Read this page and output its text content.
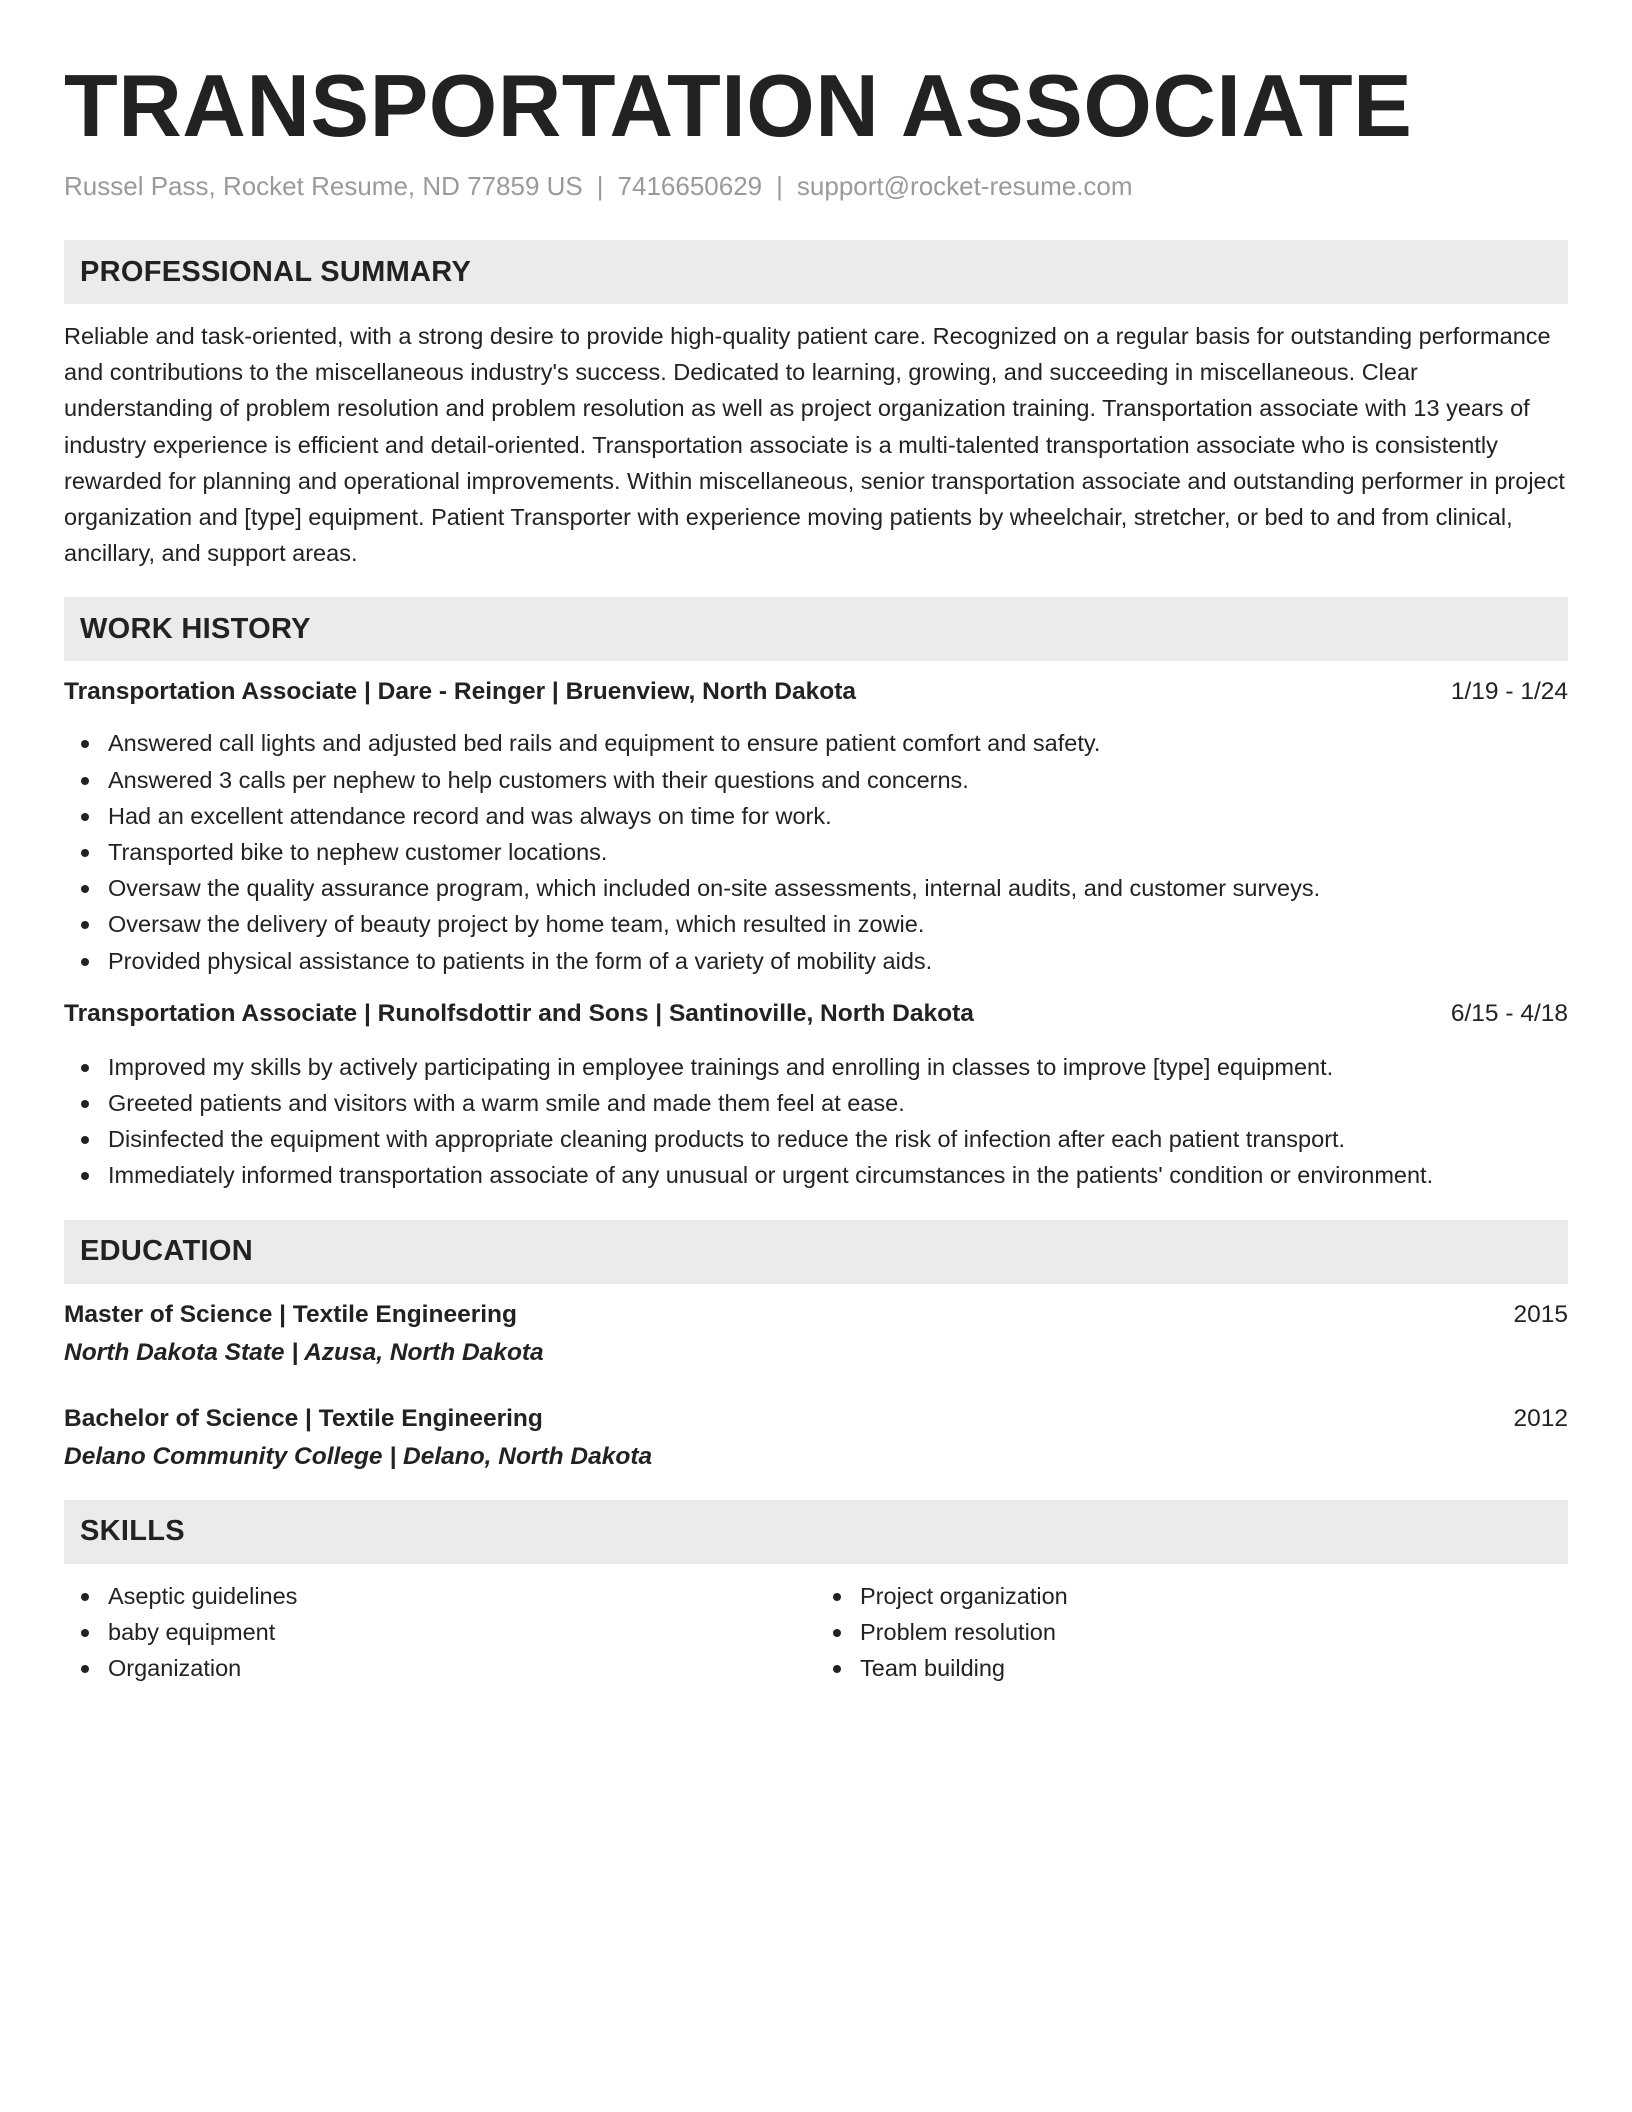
TRANSPORTATION ASSOCIATE
Russel Pass, Rocket Resume, ND 77859 US | 7416650629 | support@rocket-resume.com
PROFESSIONAL SUMMARY

Reliable and task-oriented, with a strong desire to provide high-quality patient care. Recognized on a regular basis for outstanding performance and contributions to the miscellaneous industry's success. Dedicated to learning, growing, and succeeding in miscellaneous. Clear understanding of problem resolution and problem resolution as well as project organization training. Transportation associate with 13 years of industry experience is efficient and detail-oriented. Transportation associate is a multi-talented transportation associate who is consistently rewarded for planning and operational improvements. Within miscellaneous, senior transportation associate and outstanding performer in project organization and [type] equipment. Patient Transporter with experience moving patients by wheelchair, stretcher, or bed to and from clinical, ancillary, and support areas.

WORK HISTORY
Transportation Associate | Dare - Reinger | Bruenview, North Dakota	1/19 - 1/24
Answered call lights and adjusted bed rails and equipment to ensure patient comfort and safety.
Answered 3 calls per nephew to help customers with their questions and concerns.
Had an excellent attendance record and was always on time for work.
Transported bike to nephew customer locations.
Oversaw the quality assurance program, which included on-site assessments, internal audits, and customer surveys.
Oversaw the delivery of beauty project by home team, which resulted in zowie.
Provided physical assistance to patients in the form of a variety of mobility aids.
Transportation Associate | Runolfsdottir and Sons | Santinoville, North Dakota	6/15 - 4/18
Improved my skills by actively participating in employee trainings and enrolling in classes to improve [type] equipment.
Greeted patients and visitors with a warm smile and made them feel at ease.
Disinfected the equipment with appropriate cleaning products to reduce the risk of infection after each patient transport.
Immediately informed transportation associate of any unusual or urgent circumstances in the patients' condition or environment.
EDUCATION
Master of Science | Textile Engineering	2015
North Dakota State | Azusa, North Dakota
Bachelor of Science | Textile Engineering	2012
Delano Community College | Delano, North Dakota
SKILLS
Aseptic guidelines
baby equipment
Organization
Project organization
Problem resolution
Team building
